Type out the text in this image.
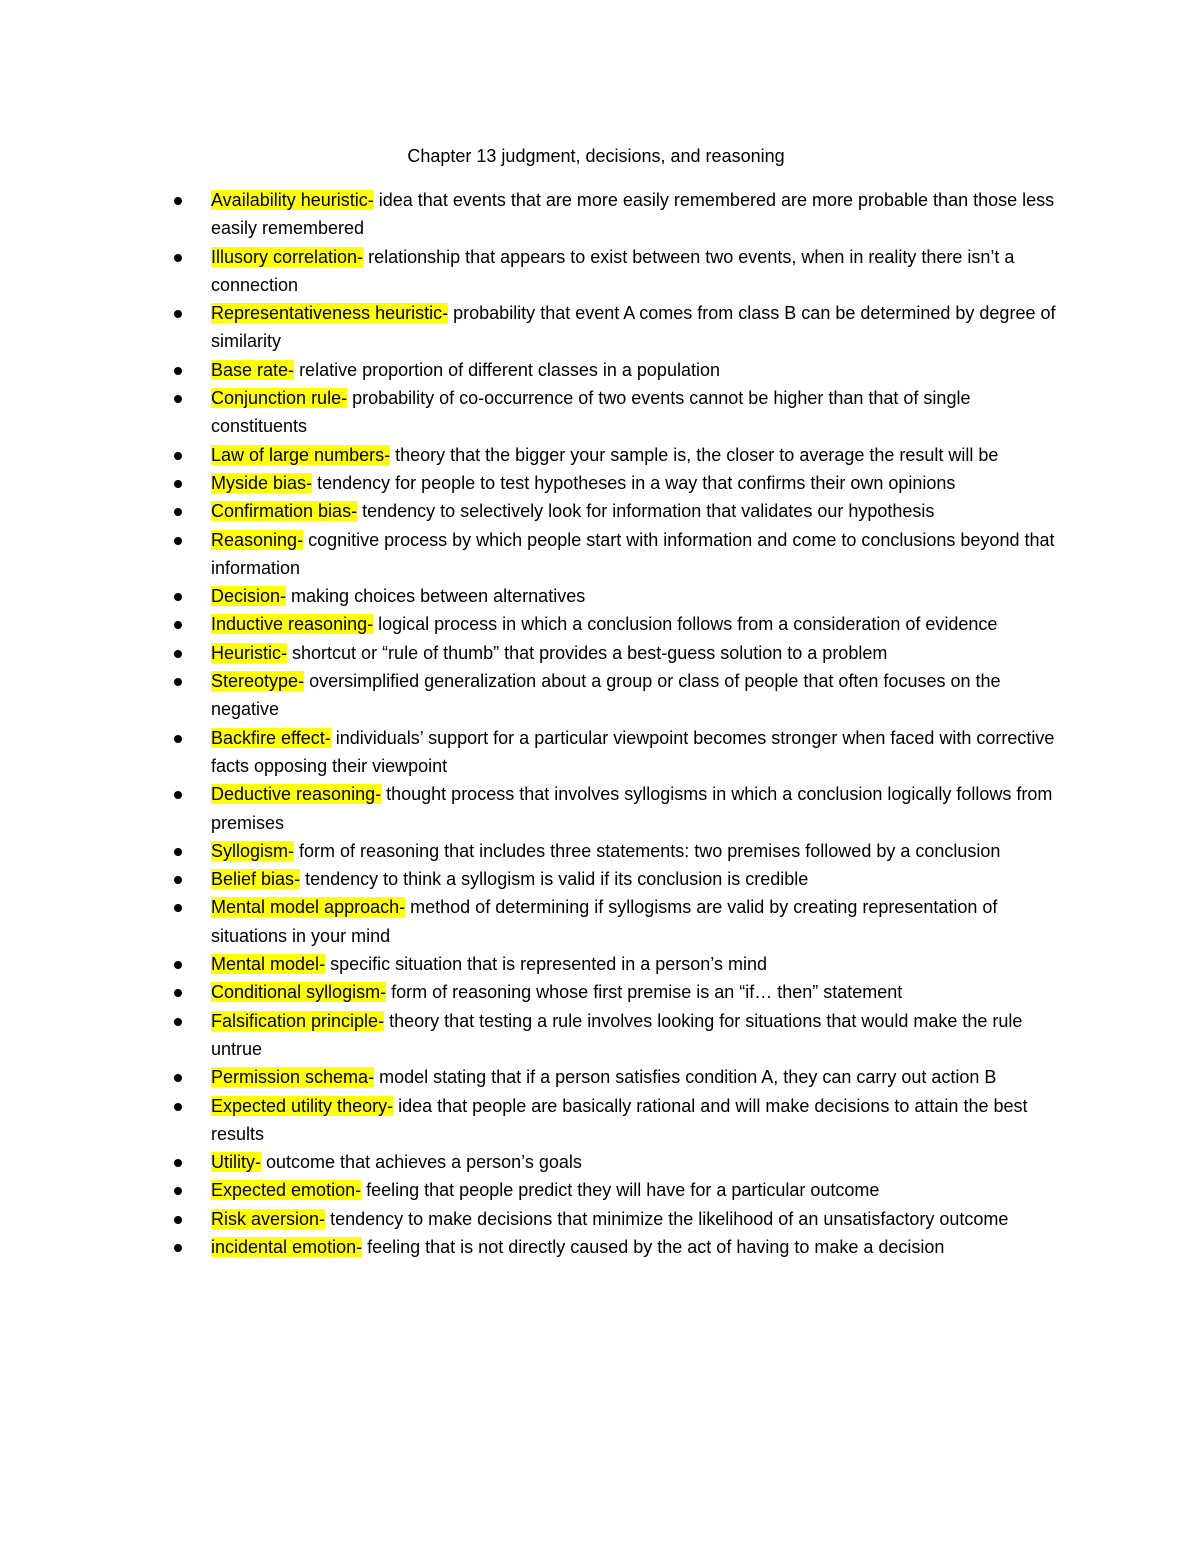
Chapter 13 judgment, decisions, and reasoning
Availability heuristic- idea that events that are more easily remembered are more probable than those less easily remembered
Illusory correlation- relationship that appears to exist between two events, when in reality there isn’t a connection
Representativeness heuristic- probability that event A comes from class B can be determined by degree of similarity
Base rate- relative proportion of different classes in a population
Conjunction rule- probability of co-occurrence of two events cannot be higher than that of single constituents
Law of large numbers- theory that the bigger your sample is, the closer to average the result will be
Myside bias- tendency for people to test hypotheses in a way that confirms their own opinions
Confirmation bias- tendency to selectively look for information that validates our hypothesis
Reasoning- cognitive process by which people start with information and come to conclusions beyond that information
Decision- making choices between alternatives
Inductive reasoning- logical process in which a conclusion follows from a consideration of evidence
Heuristic- shortcut or “rule of thumb” that provides a best-guess solution to a problem
Stereotype- oversimplified generalization about a group or class of people that often focuses on the negative
Backfire effect- individuals’ support for a particular viewpoint becomes stronger when faced with corrective facts opposing their viewpoint
Deductive reasoning- thought process that involves syllogisms in which a conclusion logically follows from premises
Syllogism- form of reasoning that includes three statements: two premises followed by a conclusion
Belief bias- tendency to think a syllogism is valid if its conclusion is credible
Mental model approach- method of determining if syllogisms are valid by creating representation of situations in your mind
Mental model- specific situation that is represented in a person’s mind
Conditional syllogism- form of reasoning whose first premise is an “if… then” statement
Falsification principle- theory that testing a rule involves looking for situations that would make the rule untrue
Permission schema- model stating that if a person satisfies condition A, they can carry out action B
Expected utility theory- idea that people are basically rational and will make decisions to attain the best results
Utility- outcome that achieves a person’s goals
Expected emotion- feeling that people predict they will have for a particular outcome
Risk aversion- tendency to make decisions that minimize the likelihood of an unsatisfactory outcome
incidental emotion- feeling that is not directly caused by the act of having to make a decision
